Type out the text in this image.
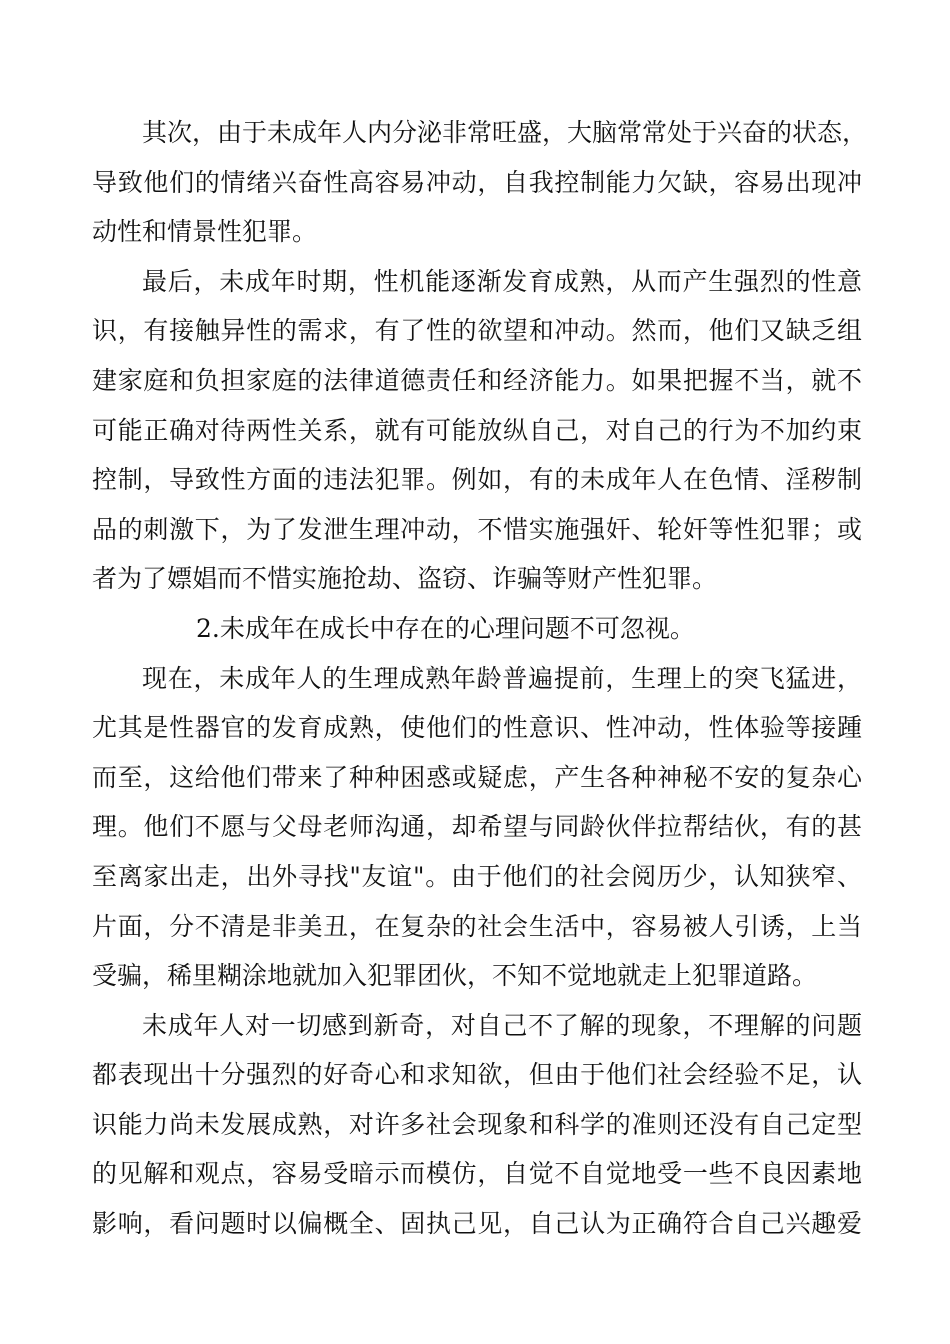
其次，由于未成年人内分泌非常旺盛，大脑常常处于兴奋的状态，
导致他们的情绪兴奋性高容易冲动，自我控制能力欠缺，容易出现冲
动性和情景性犯罪。
最后，未成年时期，性机能逐渐发育成熟，从而产生强烈的性意
识，有接触异性的需求，有了性的欲望和冲动。然而，他们又缺乏组
建家庭和负担家庭的法律道德责任和经济能力。如果把握不当，就不
可能正确对待两性关系，就有可能放纵自己，对自己的行为不加约束
控制，导致性方面的违法犯罪。例如，有的未成年人在色情、淫秽制
品的刺激下，为了发泄生理冲动，不惜实施强奸、轮奸等性犯罪；或
者为了嫖娼而不惜实施抢劫、盗窃、诈骗等财产性犯罪。
2.未成年在成长中存在的心理问题不可忽视。
现在，未成年人的生理成熟年龄普遍提前，生理上的突飞猛进，
尤其是性器官的发育成熟，使他们的性意识、性冲动，性体验等接踵
而至，这给他们带来了种种困惑或疑虑，产生各种神秘不安的复杂心
理。他们不愿与父母老师沟通，却希望与同龄伙伴拉帮结伙，有的甚
至离家出走，出外寻找"友谊"。由于他们的社会阅历少，认知狭窄、
片面，分不清是非美丑，在复杂的社会生活中，容易被人引诱，上当
受骗，稀里糊涂地就加入犯罪团伙，不知不觉地就走上犯罪道路。
未成年人对一切感到新奇，对自己不了解的现象，不理解的问题
都表现出十分强烈的好奇心和求知欲，但由于他们社会经验不足，认
识能力尚未发展成熟，对许多社会现象和科学的准则还没有自己定型
的见解和观点，容易受暗示而模仿，自觉不自觉地受一些不良因素地
影响，看问题时以偏概全、固执己见，自己认为正确符合自己兴趣爱
